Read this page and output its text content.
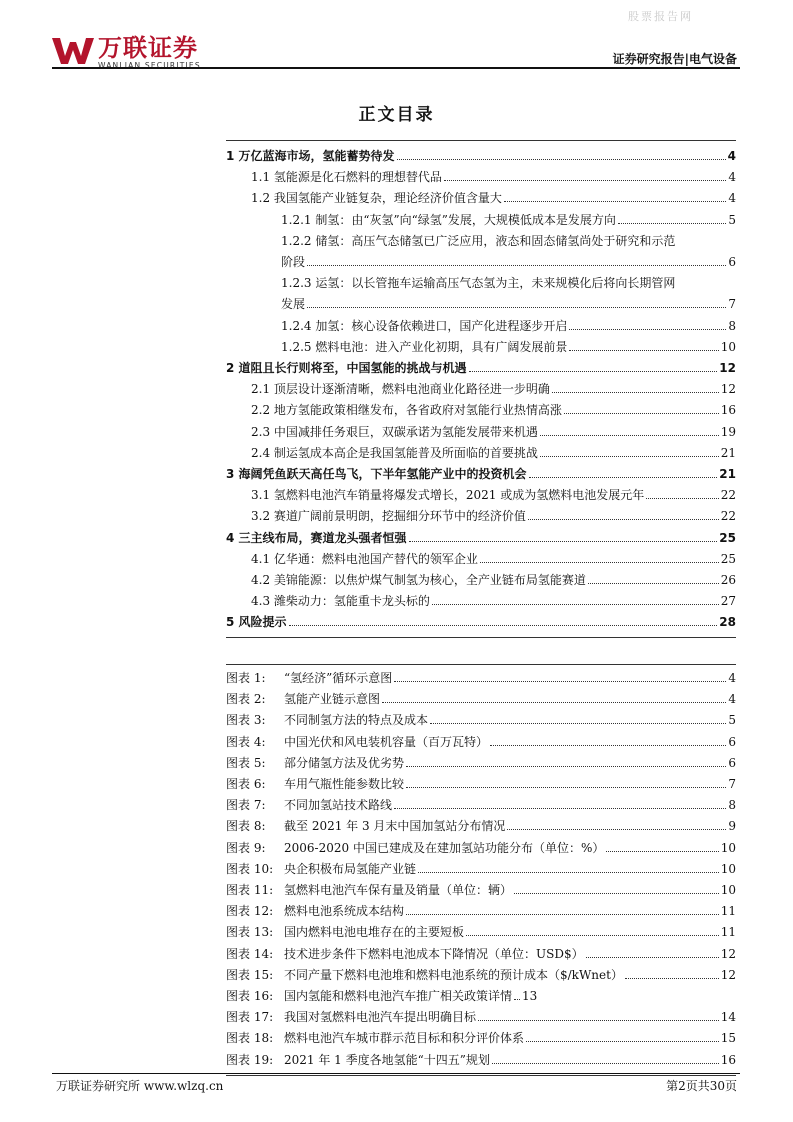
股票报告网
万联证券
WANLIAN SECURITIES	证券研究报告|电气设备
正文目录
1 万亿蓝海市场，氢能蓄势待发	4
1.1 氢能源是化石燃料的理想替代品	4
1.2 我国氢能产业链复杂，理论经济价值含量大	4
1.2.1 制氢：由“灰氢”向“绿氢”发展，大规模低成本是发展方向	5
1.2.2 储氢：高压气态储氢已广泛应用，液态和固态储氢尚处于研究和示范
阶段	6
1.2.3 运氢：以长管拖车运输高压气态氢为主，未来规模化后将向长期管网
发展	7
1.2.4 加氢：核心设备依赖进口，国产化进程逐步开启	8
1.2.5 燃料电池：进入产业化初期，具有广阔发展前景	10
2 道阻且长行则将至，中国氢能的挑战与机遇	12
2.1 顶层设计逐渐清晰，燃料电池商业化路径进一步明确	12
2.2 地方氢能政策相继发布，各省政府对氢能行业热情高涨	16
2.3 中国减排任务艰巨，双碳承诺为氢能发展带来机遇	19
2.4 制运氢成本高企是我国氢能普及所面临的首要挑战	21
3 海阔凭鱼跃天高任鸟飞，下半年氢能产业中的投资机会	21
3.1 氢燃料电池汽车销量将爆发式增长，2021 或成为氢燃料电池发展元年	22
3.2 赛道广阔前景明朗，挖掘细分环节中的经济价值	22
4 三主线布局，赛道龙头强者恒强	25
4.1 亿华通：燃料电池国产替代的领军企业	25
4.2 美锦能源：以焦炉煤气制氢为核心，全产业链布局氢能赛道	26
4.3 潍柴动力：氢能重卡龙头标的	27
5 风险提示	28
图表 1:	“氢经济”循环示意图	4
图表 2:	氢能产业链示意图	4
图表 3:	不同制氢方法的特点及成本	5
图表 4:	中国光伏和风电装机容量（百万瓦特）	6
图表 5:	部分储氢方法及优劣势	6
图表 6:	车用气瓶性能参数比较	7
图表 7:	不同加氢站技术路线	8
图表 8:	截至 2021 年 3 月末中国加氢站分布情况	9
图表 9:	2006-2020 中国已建成及在建加氢站功能分布（单位：%）	10
图表 10: 央企积极布局氢能产业链	10
图表 11: 氢燃料电池汽车保有量及销量（单位：辆）	10
图表 12: 燃料电池系统成本结构	11
图表 13: 国内燃料电池电堆存在的主要短板	11
图表 14: 技术进步条件下燃料电池成本下降情况（单位：USD$）	12
图表 15: 不同产量下燃料电池堆和燃料电池系统的预计成本（$/kWnet）	12
图表 16: 国内氢能和燃料电池汽车推广相关政策详情 13
图表 17: 我国对氢燃料电池汽车提出明确目标	14
图表 18: 燃料电池汽车城市群示范目标和积分评价体系	15
图表 19: 2021 年 1 季度各地氢能“十四五”规划	16
万联证券研究所 www.wlzq.cn	第2页共30页
